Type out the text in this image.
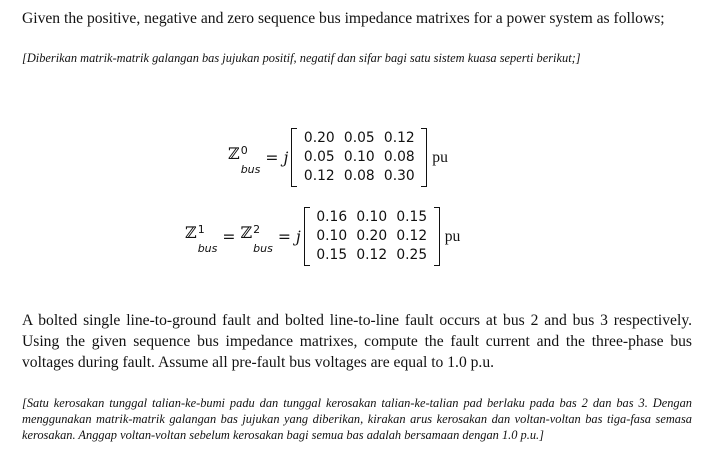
Given the positive, negative and zero sequence bus impedance matrixes for a power system as follows;

[Diberikan matrik-matrik galangan bas jujukan positif, negatif dan sifar bagi satu sistem kuasa seperti berikut;]

ℤ 0
bus
= j
0.20 0.05 0.12
0.05 0.10 0.08
0.12 0.08 0.30
pu
ℤ 1
bus
= ℤ 2
bus
= j
0.16 0.10 0.15
0.10 0.20 0.12
0.15 0.12 0.25
pu

A bolted single line-to-ground fault and bolted line-to-line fault occurs at bus 2 and bus 3 respectively. Using the given sequence bus impedance matrixes, compute the fault current and the three-phase bus voltages during fault. Assume all pre-fault bus voltages are equal to 1.0 p.u.

[Satu kerosakan tunggal talian-ke-bumi padu dan tunggal kerosakan talian-ke-talian pad berlaku pada bas 2 dan bas 3. Dengan menggunakan matrik-matrik galangan bas jujukan yang diberikan, kirakan arus kerosakan dan voltan-voltan bas tiga-fasa semasa kerosakan. Anggap voltan-voltan sebelum kerosakan bagi semua bas adalah bersamaan dengan 1.0 p.u.]
